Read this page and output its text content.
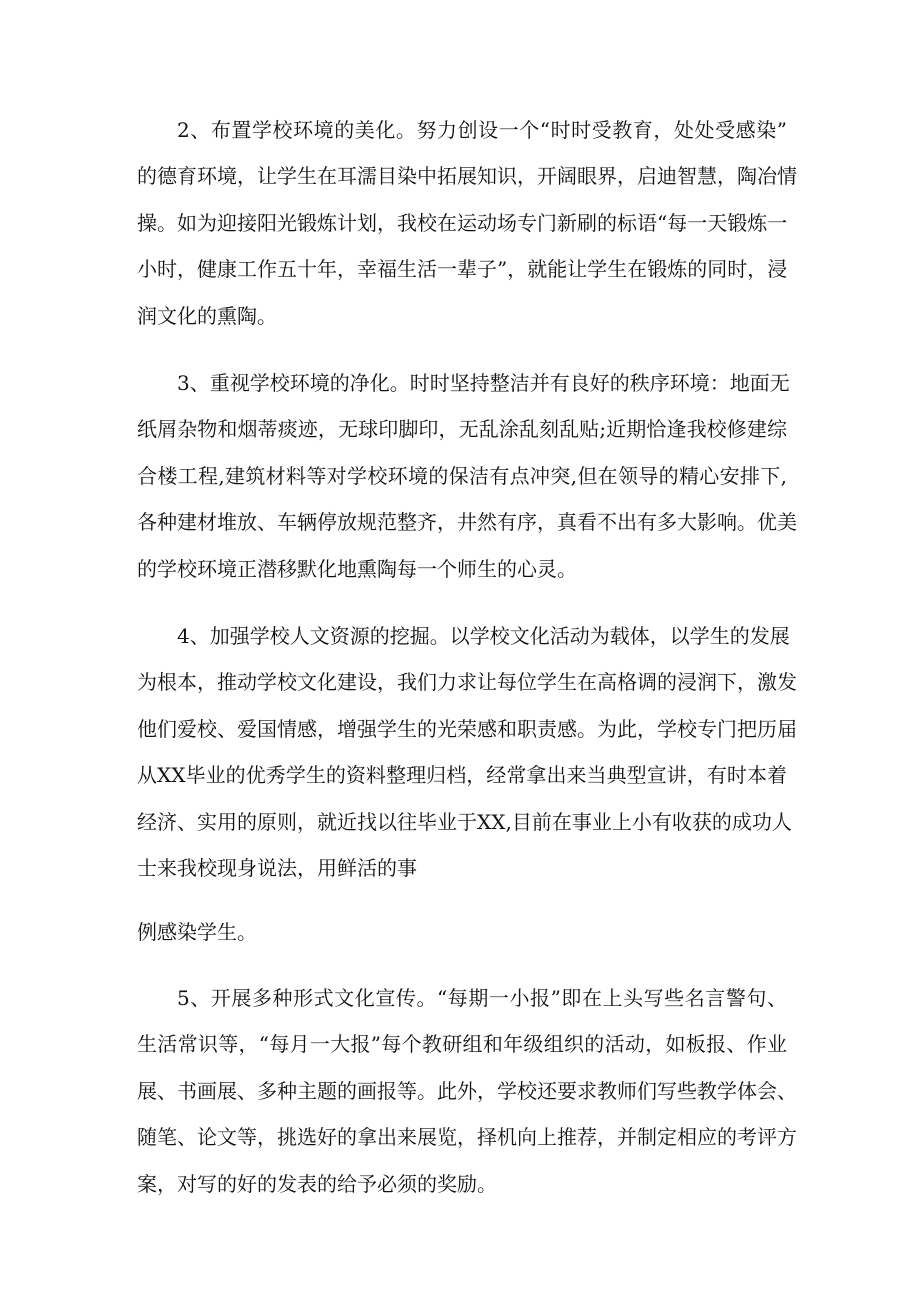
2、布置学校环境的美化。努力创设一个“时时受教育，处处受感染”
的德育环境，让学生在耳濡目染中拓展知识，开阔眼界，启迪智慧，陶冶情
操。如为迎接阳光锻炼计划，我校在运动场专门新刷的标语“每一天锻炼一
小时，健康工作五十年，幸福生活一辈子”，就能让学生在锻炼的同时，浸
润文化的熏陶。
3、重视学校环境的净化。时时坚持整洁并有良好的秩序环境：地面无
纸屑杂物和烟蒂痰迹，无球印脚印，无乱涂乱刻乱贴;近期恰逢我校修建综
合楼工程,建筑材料等对学校环境的保洁有点冲突,但在领导的精心安排下,
各种建材堆放、车辆停放规范整齐，井然有序，真看不出有多大影响。优美
的学校环境正潜移默化地熏陶每一个师生的心灵。
4、加强学校人文资源的挖掘。以学校文化活动为载体，以学生的发展
为根本，推动学校文化建设，我们力求让每位学生在高格调的浸润下，激发
他们爱校、爱国情感，增强学生的光荣感和职责感。为此，学校专门把历届
从XX毕业的优秀学生的资料整理归档，经常拿出来当典型宣讲，有时本着
经济、实用的原则，就近找以往毕业于XX,目前在事业上小有收获的成功人
士来我校现身说法，用鲜活的事
例感染学生。
5、开展多种形式文化宣传。“每期一小报”即在上头写些名言警句、
生活常识等，“每月一大报”每个教研组和年级组织的活动，如板报、作业
展、书画展、多种主题的画报等。此外，学校还要求教师们写些教学体会、
随笔、论文等，挑选好的拿出来展览，择机向上推荐，并制定相应的考评方
案，对写的好的发表的给予必须的奖励。
